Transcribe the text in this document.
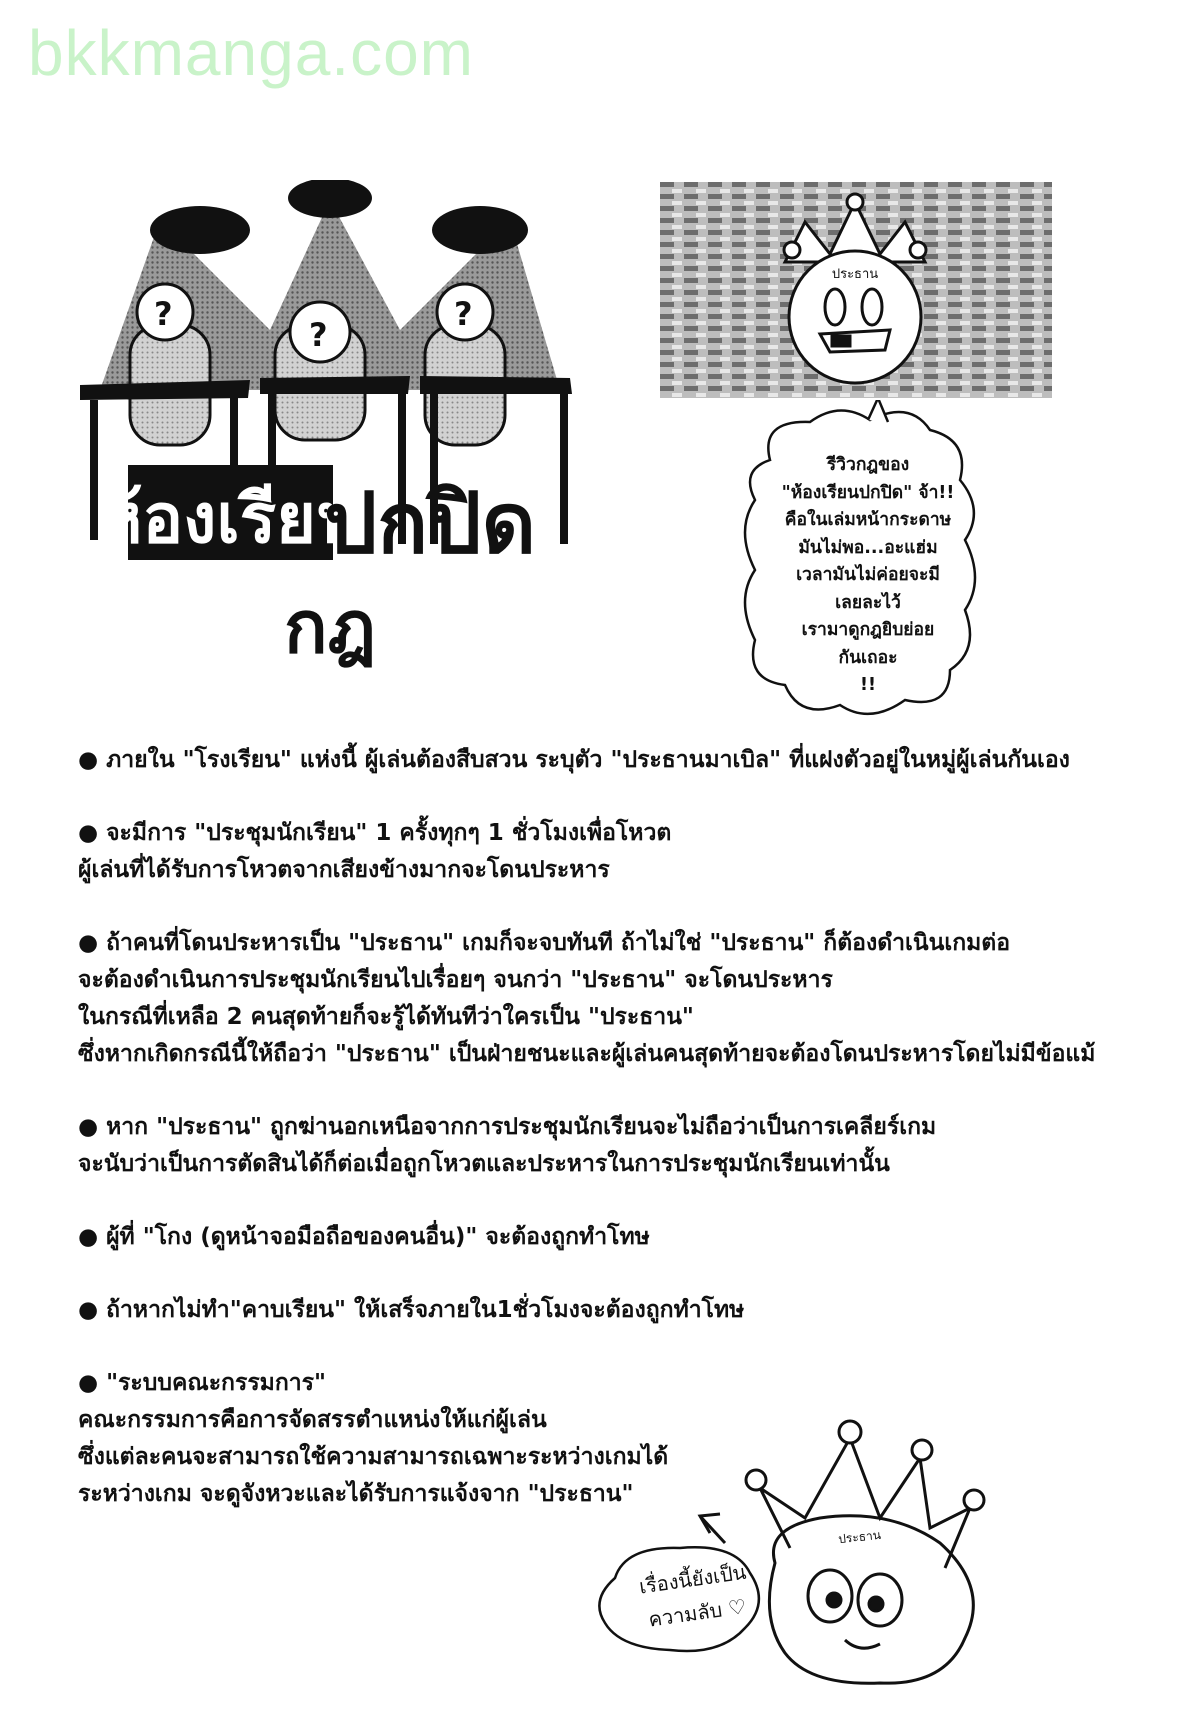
bkkmanga.com
?
?
?
ห้องเรียน
ปกปิด
กฎ
ประธาน
รีวิวกฎของ
"ห้องเรียนปกปิด" จ้า!!
คือในเล่มหน้ากระดาษ
มันไม่พอ...อะแฮ่ม
เวลามันไม่ค่อยจะมี
เลยละไว้
เรามาดูกฎยิบย่อย
กันเถอะ
!!
● ภายใน "โรงเรียน" แห่งนี้ ผู้เล่นต้องสืบสวน ระบุตัว "ประธานมาเบิล" ที่แฝงตัวอยู่ในหมู่ผู้เล่นกันเอง
● จะมีการ "ประชุมนักเรียน" 1 ครั้งทุกๆ 1 ชั่วโมงเพื่อโหวต
ผู้เล่นที่ได้รับการโหวตจากเสียงข้างมากจะโดนประหาร
● ถ้าคนที่โดนประหารเป็น "ประธาน" เกมก็จะจบทันที ถ้าไม่ใช่ "ประธาน" ก็ต้องดำเนินเกมต่อ
จะต้องดำเนินการประชุมนักเรียนไปเรื่อยๆ จนกว่า "ประธาน" จะโดนประหาร
ในกรณีที่เหลือ 2 คนสุดท้ายก็จะรู้ได้ทันทีว่าใครเป็น "ประธาน"
ซึ่งหากเกิดกรณีนี้ให้ถือว่า "ประธาน" เป็นฝ่ายชนะและผู้เล่นคนสุดท้ายจะต้องโดนประหารโดยไม่มีข้อแม้
● หาก "ประธาน" ถูกฆ่านอกเหนือจากการประชุมนักเรียนจะไม่ถือว่าเป็นการเคลียร์เกม
จะนับว่าเป็นการตัดสินได้ก็ต่อเมื่อถูกโหวตและประหารในการประชุมนักเรียนเท่านั้น
● ผู้ที่ "โกง (ดูหน้าจอมือถือของคนอื่น)" จะต้องถูกทำโทษ
● ถ้าหากไม่ทำ"คาบเรียน" ให้เสร็จภายใน1ชั่วโมงจะต้องถูกทำโทษ
● "ระบบคณะกรรมการ"
คณะกรรมการคือการจัดสรรตำแหน่งให้แก่ผู้เล่น
ซึ่งแต่ละคนจะสามารถใช้ความสามารถเฉพาะระหว่างเกมได้
ระหว่างเกม จะดูจังหวะและได้รับการแจ้งจาก "ประธาน"
ประธาน
เรื่องนี้ยังเป็น
ความลับ ♡
